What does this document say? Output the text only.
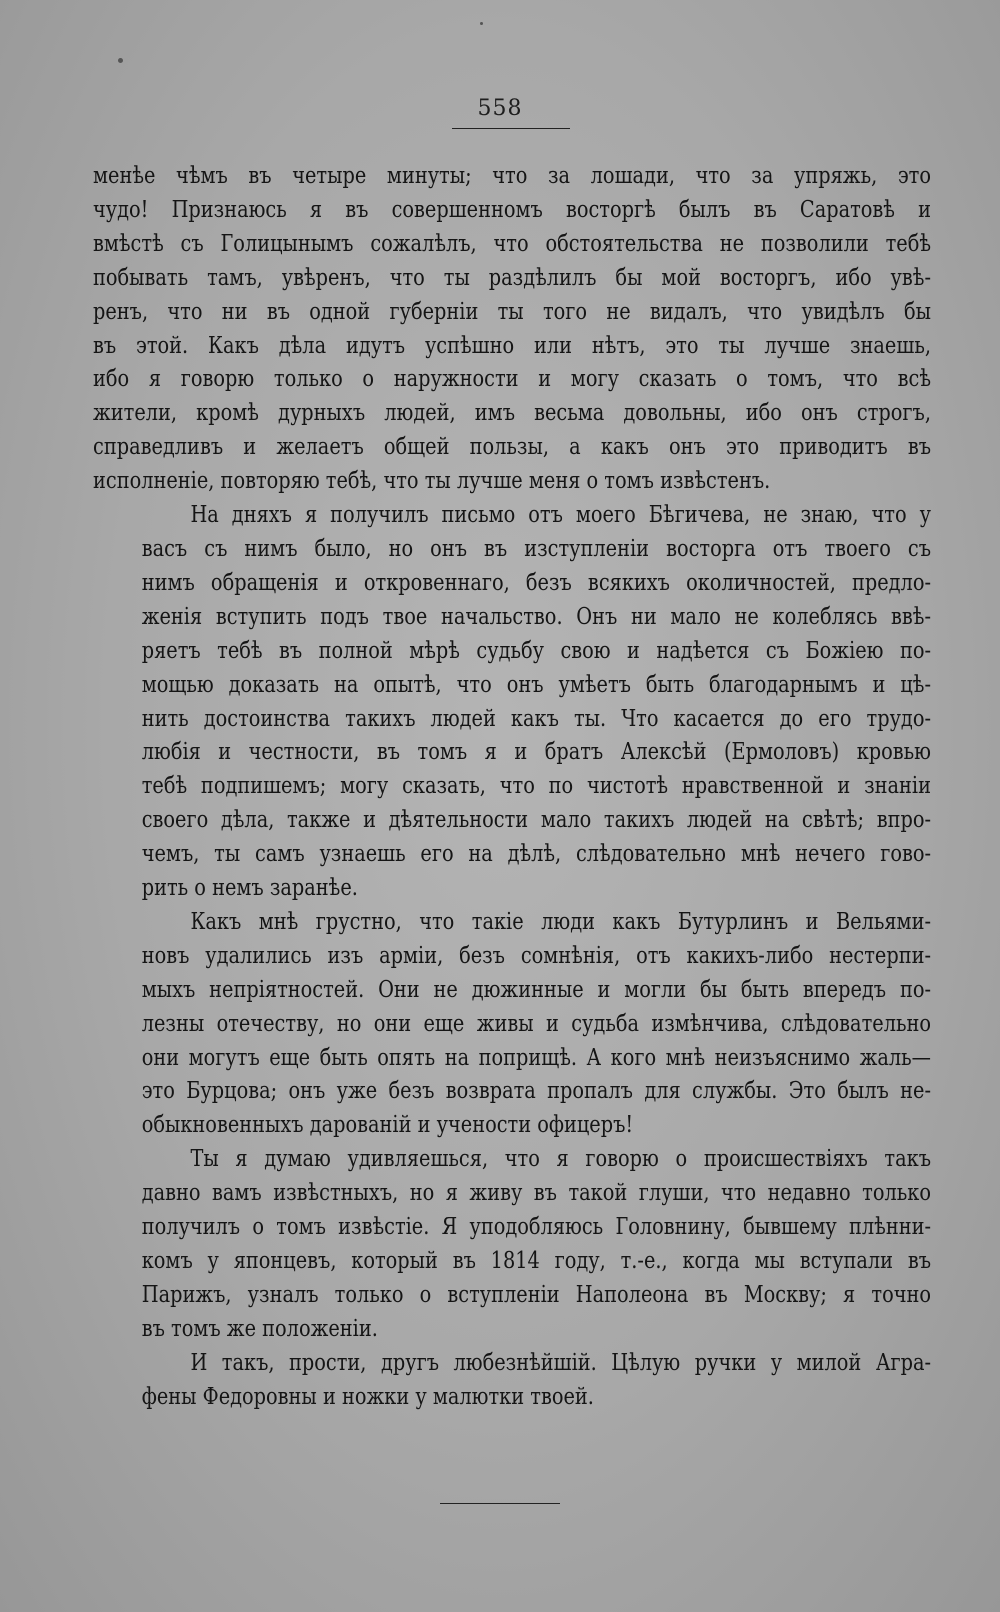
558

менѣе чѣмъ въ четыре минуты; что за лошади, что за упряжь, это
чудо! Признаюсь я въ совершенномъ восторгѣ былъ въ Саратовѣ и
вмѣстѣ съ Голицынымъ сожалѣлъ, что обстоятельства не позволили тебѣ
побывать тамъ, увѣренъ, что ты раздѣлилъ бы мой восторгъ, ибо увѣ-
ренъ, что ни въ одной губерніи ты того не видалъ, что увидѣлъ бы
въ этой. Какъ дѣла идутъ успѣшно или нѣтъ, это ты лучше знаешь,
ибо я говорю только о наружности и могу сказать о томъ, что всѣ
жители, кромѣ дурныхъ людей, имъ весьма довольны, ибо онъ строгъ,
справедливъ и желаетъ общей пользы, а какъ онъ это приводитъ въ
исполненіе, повторяю тебѣ, что ты лучше меня о томъ извѣстенъ.

На дняхъ я получилъ письмо отъ моего Бѣгичева, не знаю, что у
васъ съ нимъ было, но онъ въ изступленіи восторга отъ твоего съ
нимъ обращенія и откровеннаго, безъ всякихъ околичностей, предло-
женія вступить подъ твое начальство. Онъ ни мало не колеблясь ввѣ-
ряетъ тебѣ въ полной мѣрѣ судьбу свою и надѣется съ Божіею по-
мощью доказать на опытѣ, что онъ умѣетъ быть благодарнымъ и цѣ-
нить достоинства такихъ людей какъ ты. Что касается до его трудо-
любія и честности, въ томъ я и братъ Алексѣй (Ермоловъ) кровью
тебѣ подпишемъ; могу сказать, что по чистотѣ нравственной и знаніи
своего дѣла, также и дѣятельности мало такихъ людей на свѣтѣ; впро-
чемъ, ты самъ узнаешь его на дѣлѣ, слѣдовательно мнѣ нечего гово-
рить о немъ заранѣе.

Какъ мнѣ грустно, что такіе люди какъ Бутурлинъ и Вельями-
новъ удалились изъ арміи, безъ сомнѣнія, отъ какихъ-либо нестерпи-
мыхъ непріятностей. Они не дюжинные и могли бы быть впередъ по-
лезны отечеству, но они еще живы и судьба измѣнчива, слѣдовательно
они могутъ еще быть опять на поприщѣ. А кого мнѣ неизъяснимо жаль—
это Бурцова; онъ уже безъ возврата пропалъ для службы. Это былъ не-
обыкновенныхъ дарованій и учености офицеръ!

Ты я думаю удивляешься, что я говорю о происшествіяхъ такъ
давно вамъ извѣстныхъ, но я живу въ такой глуши, что недавно только
получилъ о томъ извѣстіе. Я уподобляюсь Головнину, бывшему плѣнни-
комъ у японцевъ, который въ 1814 году, т.-е., когда мы вступали въ
Парижъ, узналъ только о вступленіи Наполеона въ Москву; я точно
въ томъ же положеніи.

И такъ, прости, другъ любезнѣйшій. Цѣлую ручки у милой Агра-
фены Федоровны и ножки у малютки твоей.
